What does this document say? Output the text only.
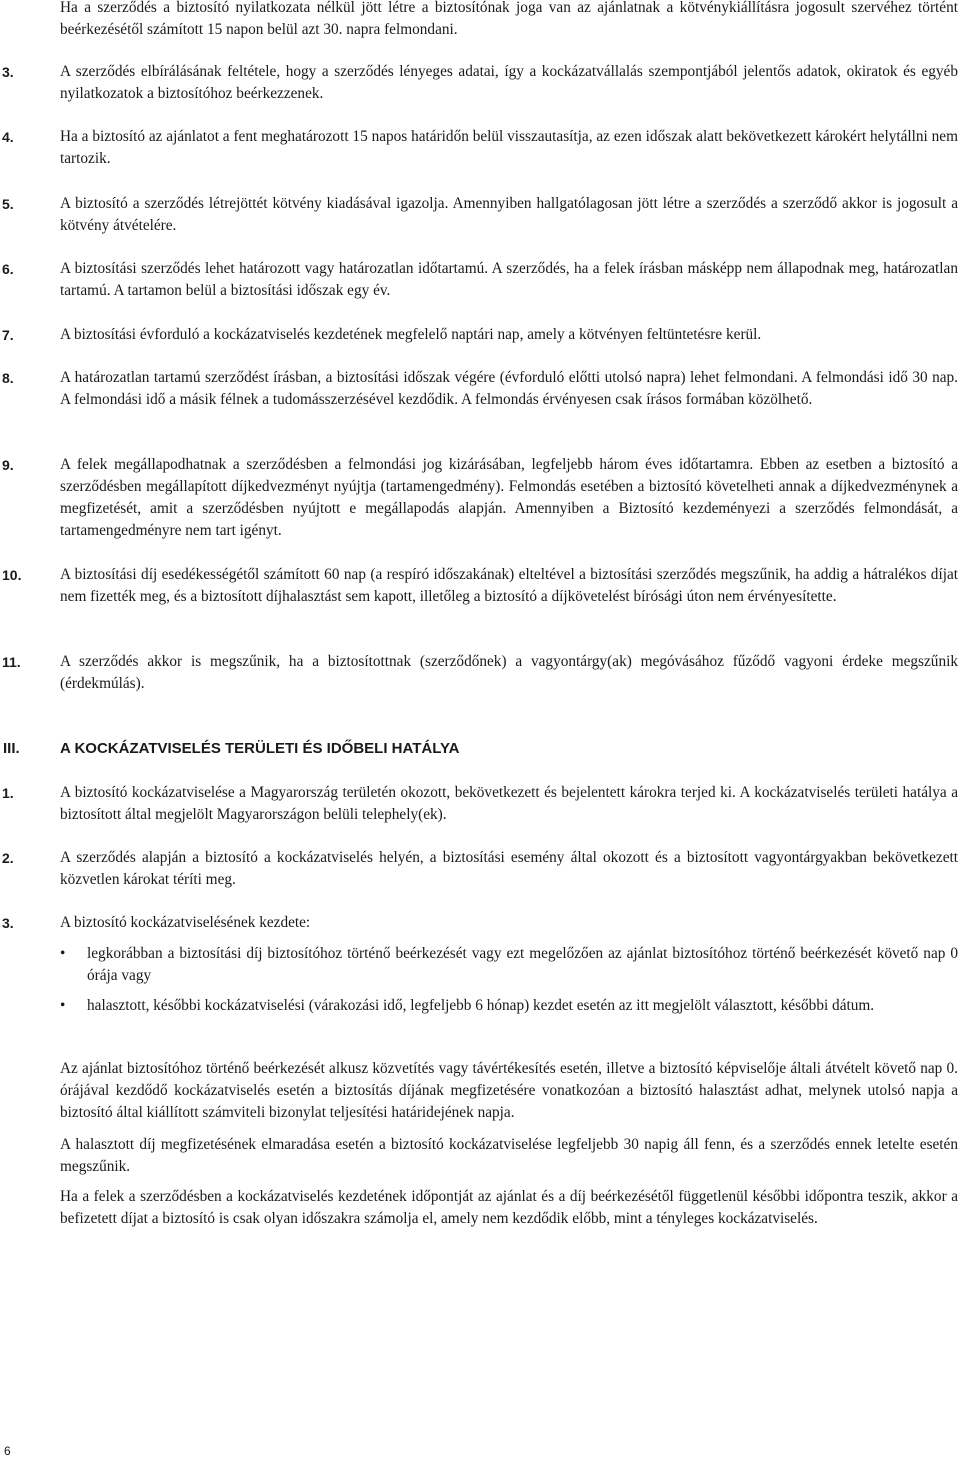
Ha a szerződés a biztosító nyilatkozata nélkül jött létre a biztosítónak joga van az ajánlatnak a kötvénykiállításra jogosult szervéhez történt beérkezésétől számított 15 napon belül azt 30. napra felmondani.

3.	A szerződés elbírálásának feltétele, hogy a szerződés lényeges adatai, így a kockázatvállalás szempontjából jelentős adatok, okiratok és egyéb nyilatkozatok a biztosítóhoz beérkezzenek.
4.	Ha a biztosító az ajánlatot a fent meghatározott 15 napos határidőn belül visszautasítja, az ezen időszak alatt bekövetkezett károkért helytállni nem tartozik.
5.	A biztosító a szerződés létrejöttét kötvény kiadásával igazolja. Amennyiben hallgatólagosan jött létre a szerződés a szerződő akkor is jogosult a kötvény átvételére.
6.	A biztosítási szerződés lehet határozott vagy határozatlan időtartamú. A szerződés, ha a felek írásban másképp nem állapodnak meg, határozatlan tartamú. A tartamon belül a biztosítási időszak egy év.
7.	A biztosítási évforduló a kockázatviselés kezdetének megfelelő naptári nap, amely a kötvényen feltüntetésre kerül.
8.	A határozatlan tartamú szerződést írásban, a biztosítási időszak végére (évforduló előtti utolsó napra) lehet felmondani. A felmondási idő 30 nap. A felmondási idő a másik félnek a tudomásszerzésével kezdődik. A felmondás érvényesen csak írásos formában közölhető.
9.	A felek megállapodhatnak a szerződésben a felmondási jog kizárásában, legfeljebb három éves időtartamra. Ebben az esetben a biztosító a szerződésben megállapított díjkedvezményt nyújtja (tartamengedmény). Felmondás esetében a biztosító követelheti annak a díjkedvezménynek a megfizetését, amit a szerződésben nyújtott e megállapodás alapján. Amennyiben a Biztosító kezdeményezi a szerződés felmondását, a tartamengedményre nem tart igényt.
10.	A biztosítási díj esedékességétől számított 60 nap (a respíró időszakának) elteltével a biztosítási szerződés megszűnik, ha addig a hátralékos díjat nem fizették meg, és a biztosított díjhalasztást sem kapott, illetőleg a biztosító a díjkövetelést bírósági úton nem érvényesítette.
11.	A szerződés akkor is megszűnik, ha a biztosítottnak (szerződőnek) a vagyontárgy(ak) megóvásához fűződő vagyoni érdeke megszűnik (érdekmúlás).
III.	A KOCKÁZATVISELÉS TERÜLETI ÉS IDŐBELI HATÁLYA
1.	A biztosító kockázatviselése a Magyarország területén okozott, bekövetkezett és bejelentett károkra terjed ki. A kockázatviselés területi hatálya a biztosított által megjelölt Magyarországon belüli telephely(ek).
2.	A szerződés alapján a biztosító a kockázatviselés helyén, a biztosítási esemény által okozott és a biztosított vagyontárgyakban bekövetkezett közvetlen károkat téríti meg.
3.	A biztosító kockázatviselésének kezdete:
• legkorábban a biztosítási díj biztosítóhoz történő beérkezését vagy ezt megelőzően az ajánlat biztosítóhoz történő beérkezését követő nap 0 órája vagy
• halasztott, későbbi kockázatviselési (várakozási idő, legfeljebb 6 hónap) kezdet esetén az itt megjelölt választott, későbbi dátum.

Az ajánlat biztosítóhoz történő beérkezését alkusz közvetítés vagy távértékesítés esetén, illetve a biztosító képviselője általi átvételt követő nap 0. órájával kezdődő kockázatviselés esetén a biztosítás díjának megfizetésére vonatkozóan a biztosító halasztást adhat, melynek utolsó napja a biztosító által kiállított számviteli bizonylat teljesítési határidejének napja.

A halasztott díj megfizetésének elmaradása esetén a biztosító kockázatviselése legfeljebb 30 napig áll fenn, és a szerződés ennek letelte esetén megszűnik.

Ha a felek a szerződésben a kockázatviselés kezdetének időpontját az ajánlat és a díj beérkezésétől függetlenül későbbi időpontra teszik, akkor a befizetett díjat a biztosító is csak olyan időszakra számolja el, amely nem kezdődik előbb, mint a tényleges kockázatviselés.

6
